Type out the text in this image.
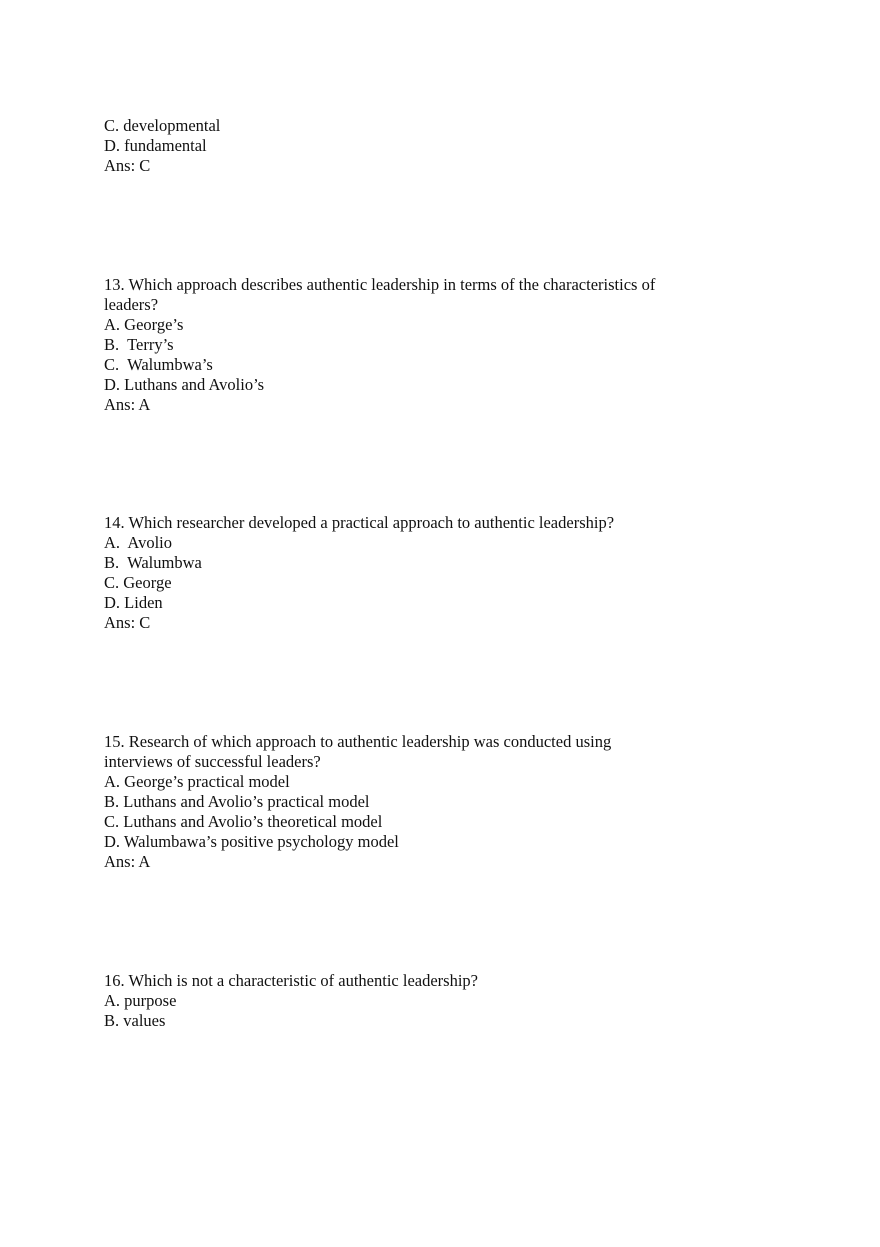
C. developmental
D. fundamental
Ans: C
13. Which approach describes authentic leadership in terms of the characteristics of
leaders?
A. George’s
B.  Terry’s
C.  Walumbwa’s
D. Luthans and Avolio’s
Ans: A
14. Which researcher developed a practical approach to authentic leadership?
A.  Avolio
B.  Walumbwa
C. George
D. Liden
Ans: C
15. Research of which approach to authentic leadership was conducted using
interviews of successful leaders?
A. George’s practical model
B. Luthans and Avolio’s practical model
C. Luthans and Avolio’s theoretical model
D. Walumbawa’s positive psychology model
Ans: A
16. Which is not a characteristic of authentic leadership?
A. purpose
B. values
